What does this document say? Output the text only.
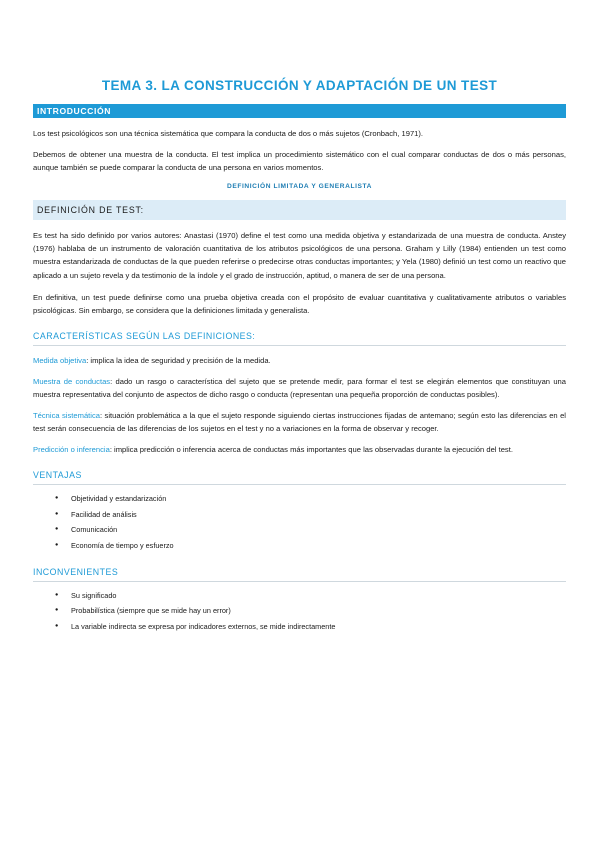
TEMA 3. LA CONSTRUCCIÓN Y ADAPTACIÓN DE UN TEST
INTRODUCCIÓN

Los test psicológicos son una técnica sistemática que compara la conducta de dos o más sujetos (Cronbach, 1971).

Debemos de obtener una muestra de la conducta. El test implica un procedimiento sistemático con el cual comparar conductas de dos o más personas, aunque también se puede comparar la conducta de una persona en varios momentos.

DEFINICIÓN LIMITADA Y GENERALISTA
DEFINICIÓN DE TEST:

Es test ha sido definido por varios autores: Anastasi (1970) define el test como una medida objetiva y estandarizada de una muestra de conducta. Anstey (1976) hablaba de un instrumento de valoración cuantitativa de los atributos psicológicos de una persona. Graham y Lilly (1984) entienden un test como muestra estandarizada de conductas de la que pueden referirse o predecirse otras conductas importantes; y Yela (1980) definió un test como un reactivo que aplicado a un sujeto revela y da testimonio de la índole y el grado de instrucción, aptitud, o manera de ser de una persona.

En definitiva, un test puede definirse como una prueba objetiva creada con el propósito de evaluar cuantitativa y cualitativamente atributos o variables psicológicas. Sin embargo, se considera que la definiciones limitada y generalista.

CARACTERÍSTICAS SEGÚN LAS DEFINICIONES:

Medida objetiva: implica la idea de seguridad y precisión de la medida.

Muestra de conductas: dado un rasgo o característica del sujeto que se pretende medir, para formar el test se elegirán elementos que constituyan una muestra representativa del conjunto de aspectos de dicho rasgo o conducta (representan una pequeña proporción de conductas posibles).

Técnica sistemática: situación problemática a la que el sujeto responde siguiendo ciertas instrucciones fijadas de antemano; según esto las diferencias en el test serán consecuencia de las diferencias de los sujetos en el test y no a variaciones en la forma de observar y recoger.

Predicción o inferencia: implica predicción o inferencia acerca de conductas más importantes que las observadas durante la ejecución del test.

VENTAJAS
● Objetividad y estandarización
● Facilidad de análisis
● Comunicación
● Economía de tiempo y esfuerzo
INCONVENIENTES
● Su significado
● Probabilística (siempre que se mide hay un error)
● La variable indirecta se expresa por indicadores externos, se mide indirectamente
